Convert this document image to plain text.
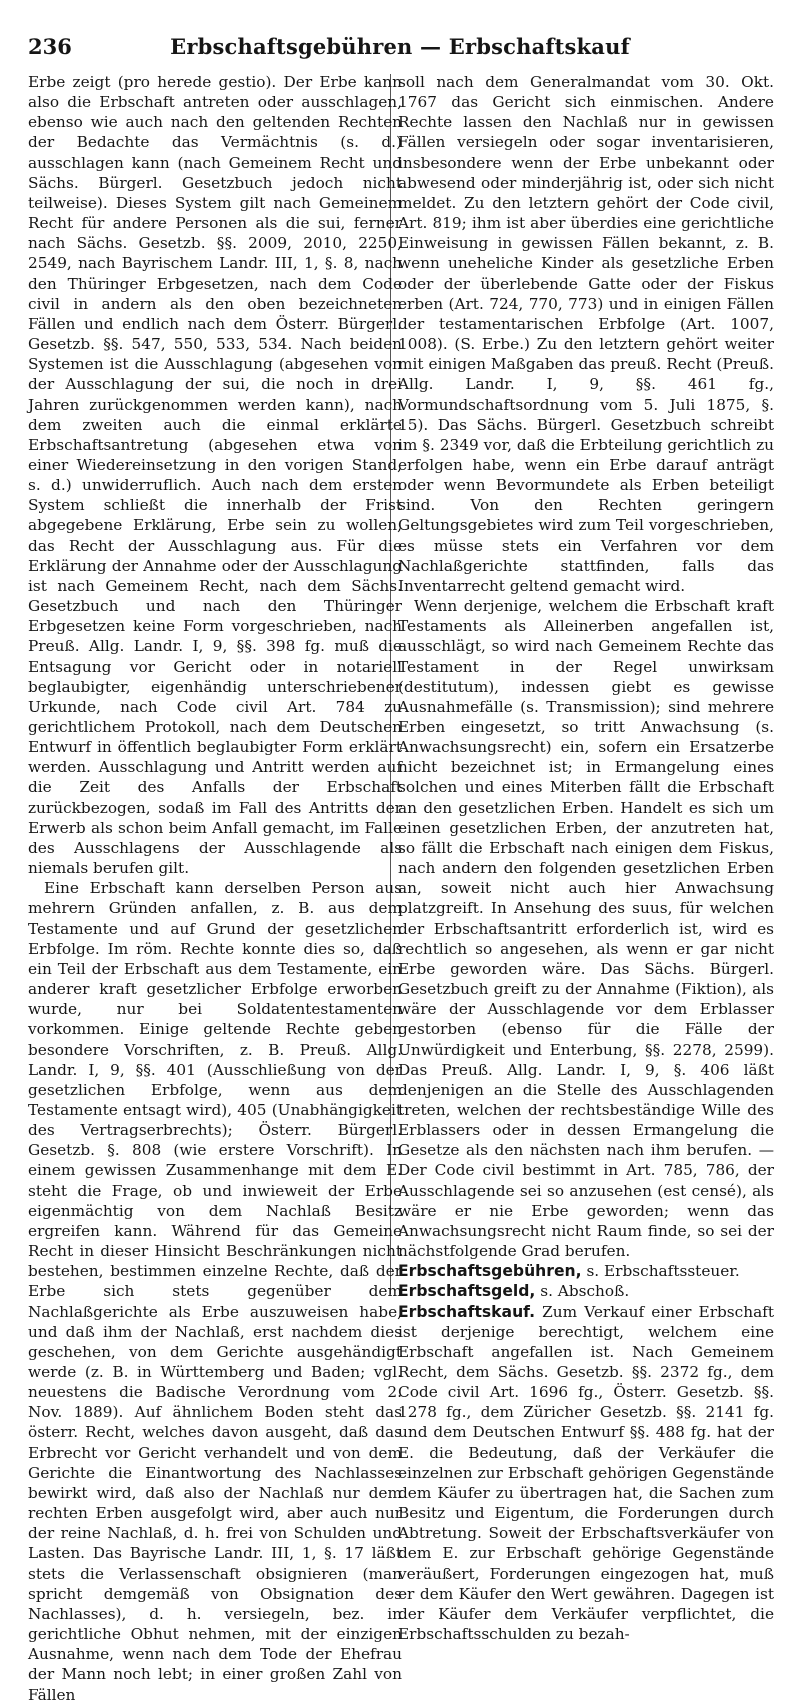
236	Erbschaftsgebühren — Erbschaftskauf

Erbe zeigt (pro herede gestio). Der Erbe kann also die Erbschaft antreten oder ausschlagen, ebenso wie auch nach den geltenden Rechten der Bedachte das Vermächtnis (s. d.) ausschlagen kann (nach Gemeinem Recht und Sächs. Bürgerl. Gesetzbuch jedoch nicht teilweise). Dieses System gilt nach Gemeinem Recht für andere Personen als die sui, ferner nach Sächs. Gesetzb. §§. 2009, 2010, 2250, 2549, nach Bayrischem Landr. III, 1, §. 8, nach den Thüringer Erbgesetzen, nach dem Code civil in andern als den oben bezeichneten Fällen und endlich nach dem Österr. Bürgerl. Gesetzb. §§. 547, 550, 533, 534. Nach beiden Systemen ist die Ausschlagung (abgesehen von der Ausschlagung der sui, die noch in drei Jahren zurückgenommen werden kann), nach dem zweiten auch die einmal erklärte Erbschaftsantretung (abgesehen etwa von einer Wiedereinsetzung in den vorigen Stand, s. d.) unwiderruflich. Auch nach dem ersten System schließt die innerhalb der Frist abgegebene Erklärung, Erbe sein zu wollen, das Recht der Ausschlagung aus. Für die Erklärung der Annahme oder der Ausschlagung ist nach Gemeinem Recht, nach dem Sächs. Gesetzbuch und nach den Thüringer Erbgesetzen keine Form vorgeschrieben, nach Preuß. Allg. Landr. I, 9, §§. 398 fg. muß die Entsagung vor Gericht oder in notariell beglaubigter, eigenhändig unterschriebener Urkunde, nach Code civil Art. 784 zu gerichtlichem Protokoll, nach dem Deutschen Entwurf in öffentlich beglaubigter Form erklärt werden. Ausschlagung und Antritt werden auf die Zeit des Anfalls der Erbschaft zurückbezogen, sodaß im Fall des Antritts der Erwerb als schon beim Anfall gemacht, im Falle des Ausschlagens der Ausschlagende als niemals berufen gilt.

Eine Erbschaft kann derselben Person aus mehrern Gründen anfallen, z. B. aus dem Testamente und auf Grund der gesetzlichen Erbfolge. Im röm. Rechte konnte dies so, daß ein Teil der Erbschaft aus dem Testamente, ein anderer kraft gesetzlicher Erbfolge erworben wurde, nur bei Soldatentestamenten vorkommen. Einige geltende Rechte geben besondere Vorschriften, z. B. Preuß. Allg. Landr. I, 9, §§. 401 (Ausschließung von der gesetzlichen Erbfolge, wenn aus dem Testamente entsagt wird), 405 (Unabhängigkeit des Vertragserbrechts); Österr. Bürgerl. Gesetzb. §. 808 (wie erstere Vorschrift). In einem gewissen Zusammenhange mit dem E. steht die Frage, ob und inwieweit der Erbe eigenmächtig von dem Nachlaß Besitz ergreifen kann. Während für das Gemeine Recht in dieser Hinsicht Beschränkungen nicht bestehen, bestimmen einzelne Rechte, daß der Erbe sich stets gegenüber dem Nachlaßgerichte als Erbe auszuweisen habe, und daß ihm der Nachlaß, erst nachdem dies geschehen, von dem Gerichte ausgehändigt werde (z. B. in Württemberg und Baden; vgl. neuestens die Badische Verordnung vom 2. Nov. 1889). Auf ähnlichem Boden steht das österr. Recht, welches davon ausgeht, daß das Erbrecht vor Gericht verhandelt und von dem Gerichte die Einantwortung des Nachlasses bewirkt wird, daß also der Nachlaß nur dem rechten Erben ausgefolgt wird, aber auch nur der reine Nachlaß, d. h. frei von Schulden und Lasten. Das Bayrische Landr. III, 1, §. 17 läßt stets die Verlassenschaft obsignieren (man spricht demgemäß von Obsignation des Nachlasses), d. h. versiegeln, bez. in gerichtliche Obhut nehmen, mit der einzigen Ausnahme, wenn nach dem Tode der Ehefrau der Mann noch lebt; in einer großen Zahl von Fällen

soll nach dem Generalmandat vom 30. Okt. 1767 das Gericht sich einmischen. Andere Rechte lassen den Nachlaß nur in gewissen Fällen versiegeln oder sogar inventarisieren, insbesondere wenn der Erbe unbekannt oder abwesend oder minderjährig ist, oder sich nicht meldet. Zu den letztern gehört der Code civil, Art. 819; ihm ist aber überdies eine gerichtliche Einweisung in gewissen Fällen bekannt, z. B. wenn uneheliche Kinder als gesetzliche Erben oder der überlebende Gatte oder der Fiskus erben (Art. 724, 770, 773) und in einigen Fällen der testamentarischen Erbfolge (Art. 1007, 1008). (S. Erbe.) Zu den letztern gehört weiter mit einigen Maßgaben das preuß. Recht (Preuß. Allg. Landr. I, 9, §§. 461 fg., Vormundschaftsordnung vom 5. Juli 1875, §. 15). Das Sächs. Bürgerl. Gesetzbuch schreibt im §. 2349 vor, daß die Erbteilung gerichtlich zu erfolgen habe, wenn ein Erbe darauf anträgt oder wenn Bevormundete als Erben beteiligt sind. Von den Rechten geringern Geltungsgebietes wird zum Teil vorgeschrieben, es müsse stets ein Verfahren vor dem Nachlaßgerichte stattfinden, falls das Inventarrecht geltend gemacht wird.

Wenn derjenige, welchem die Erbschaft kraft Testaments als Alleinerben angefallen ist, ausschlägt, so wird nach Gemeinem Rechte das Testament in der Regel unwirksam (destitutum), indessen giebt es gewisse Ausnahmefälle (s. Transmission); sind mehrere Erben eingesetzt, so tritt Anwachsung (s. Anwachsungsrecht) ein, sofern ein Ersatzerbe nicht bezeichnet ist; in Ermangelung eines solchen und eines Miterben fällt die Erbschaft an den gesetzlichen Erben. Handelt es sich um einen gesetzlichen Erben, der anzutreten hat, so fällt die Erbschaft nach einigen dem Fiskus, nach andern den folgenden gesetzlichen Erben an, soweit nicht auch hier Anwachsung platzgreift. In Ansehung des suus, für welchen der Erbschaftsantritt erforderlich ist, wird es rechtlich so angesehen, als wenn er gar nicht Erbe geworden wäre. Das Sächs. Bürgerl. Gesetzbuch greift zu der Annahme (Fiktion), als wäre der Ausschlagende vor dem Erblasser gestorben (ebenso für die Fälle der Unwürdigkeit und Enterbung, §§. 2278, 2599). Das Preuß. Allg. Landr. I, 9, §. 406 läßt denjenigen an die Stelle des Ausschlagenden treten, welchen der rechtsbeständige Wille des Erblassers oder in dessen Ermangelung die Gesetze als den nächsten nach ihm berufen. — Der Code civil bestimmt in Art. 785, 786, der Ausschlagende sei so anzusehen (est censé), als wäre er nie Erbe geworden; wenn das Anwachsungsrecht nicht Raum finde, so sei der nächstfolgende Grad berufen.

Erbschaftsgebühren, s. Erbschaftssteuer.

Erbschaftsgeld, s. Abschoß.

Erbschaftskauf. Zum Verkauf einer Erbschaft ist derjenige berechtigt, welchem eine Erbschaft angefallen ist. Nach Gemeinem Recht, dem Sächs. Gesetzb. §§. 2372 fg., dem Code civil Art. 1696 fg., Österr. Gesetzb. §§. 1278 fg., dem Züricher Gesetzb. §§. 2141 fg. und dem Deutschen Entwurf §§. 488 fg. hat der E. die Bedeutung, daß der Verkäufer die einzelnen zur Erbschaft gehörigen Gegenstände dem Käufer zu übertragen hat, die Sachen zum Besitz und Eigentum, die Forderungen durch Abtretung. Soweit der Erbschaftsverkäufer von dem E. zur Erbschaft gehörige Gegenstände veräußert, Forderungen eingezogen hat, muß er dem Käufer den Wert gewähren. Dagegen ist der Käufer dem Verkäufer verpflichtet, die Erbschaftsschulden zu bezah-
